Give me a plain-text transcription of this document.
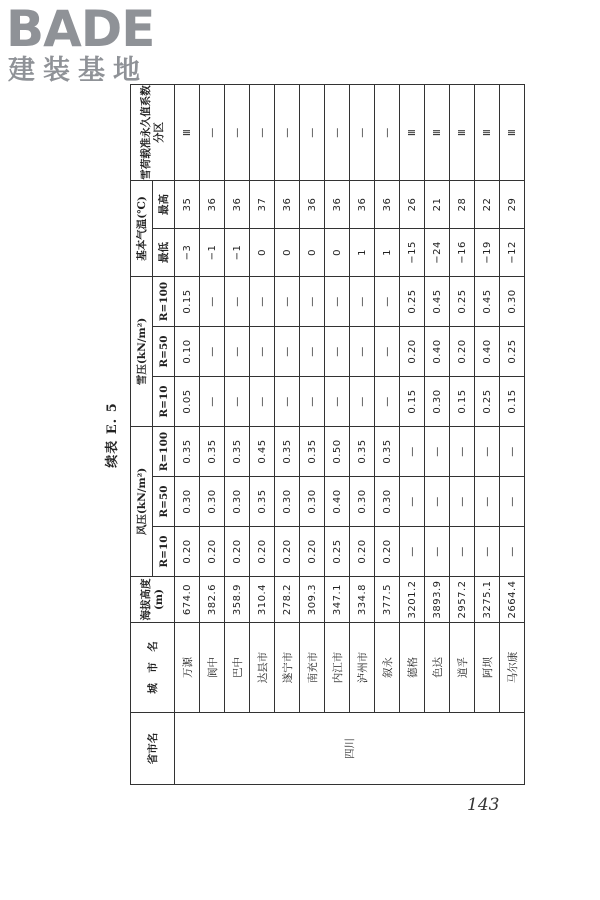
BADE
建装基地
续表 E. 5
省市名	城　市　名	海拔高度(m)	风压(kN/m²)			雪压(kN/m²)			基本气温(℃)		雪荷载准永久值系数分区
			R=10	R=50	R=100	R=10	R=50	R=100	最低	最高	
四川	万源	674.0	0.20	0.30	0.35	0.05	0.10	0.15	−3	35	Ⅲ
	阆中	382.6	0.20	0.30	0.35	—	—	—	−1	36	—
	巴中	358.9	0.20	0.30	0.35	—	—	—	−1	36	—
	达县市	310.4	0.20	0.35	0.45	—	—	—	0	37	—
	遂宁市	278.2	0.20	0.30	0.35	—	—	—	0	36	—
	南充市	309.3	0.20	0.30	0.35	—	—	—	0	36	—
	内江市	347.1	0.25	0.40	0.50	—	—	—	0	36	—
	泸州市	334.8	0.20	0.30	0.35	—	—	—	1	36	—
	叙永	377.5	0.20	0.30	0.35	—	—	—	1	36	—
	德格	3201.2	—	—	—	0.15	0.20	0.25	−15	26	Ⅲ
	色达	3893.9	—	—	—	0.30	0.40	0.45	−24	21	Ⅲ
	道孚	2957.2	—	—	—	0.15	0.20	0.25	−16	28	Ⅲ
	阿坝	3275.1	—	—	—	0.25	0.40	0.45	−19	22	Ⅲ
	马尔康	2664.4	—	—	—	0.15	0.25	0.30	−12	29	Ⅲ
143
